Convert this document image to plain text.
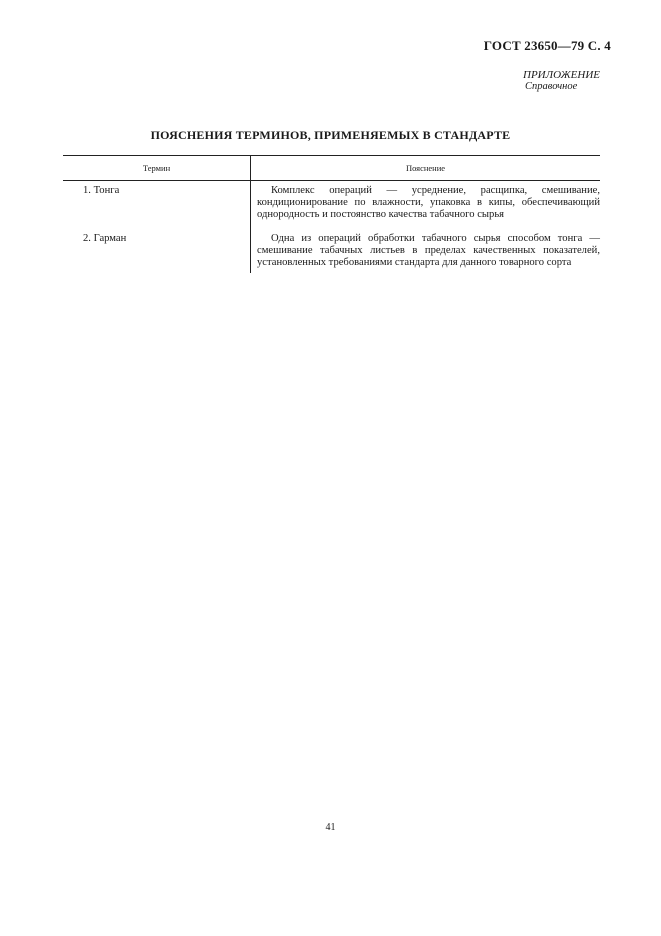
ГОСТ 23650—79 С. 4
ПРИЛОЖЕНИЕ
Справочное
ПОЯСНЕНИЯ ТЕРМИНОВ, ПРИМЕНЯЕМЫХ В СТАНДАРТЕ
Термин	Пояснение
1. Тонга	Комплекс операций — усреднение, расщипка, смешивание, кондиционирование по влажности, упаковка в кипы, обеспечивающий однородность и постоянство качества табачного сырья
2. Гарман	Одна из операций обработки табачного сырья способом тонга — смешивание табачных листьев в пределах качественных показателей, установленных требованиями стандарта для данного товарного сорта
41
